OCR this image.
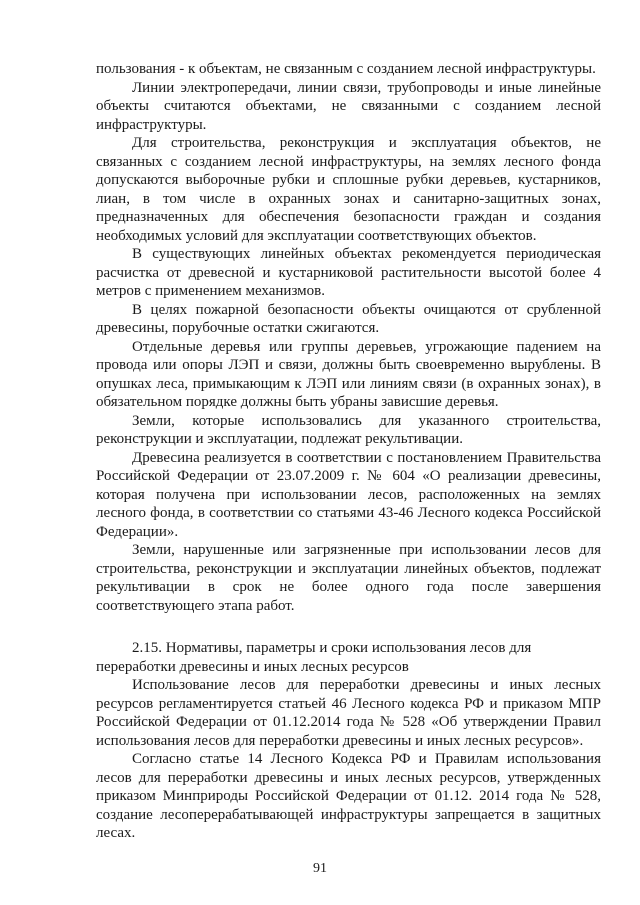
пользования - к объектам, не связанным с созданием лесной инфраструктуры.

Линии электропередачи, линии связи, трубопроводы и иные линейные объекты считаются объектами, не связанными с созданием лесной инфраструктуры.

Для строительства, реконструкция и эксплуатация объектов, не связанных с созданием лесной инфраструктуры, на землях лесного фонда допускаются выборочные рубки и сплошные рубки деревьев, кустарников, лиан, в том числе в охранных зонах и санитарно-защитных зонах, предназначенных для обеспечения безопасности граждан и создания необходимых условий для эксплуатации соответствующих объектов.

В существующих линейных объектах рекомендуется периодическая расчистка от древесной и кустарниковой растительности высотой более 4 метров с применением механизмов.

В целях пожарной безопасности объекты очищаются от срубленной древесины, порубочные остатки сжигаются.

Отдельные деревья или группы деревьев, угрожающие падением на провода или опоры ЛЭП и связи, должны быть своевременно вырублены. В опушках леса, примыкающим к ЛЭП или линиям связи (в охранных зонах), в обязательном порядке должны быть убраны зависшие деревья.

Земли, которые использовались для указанного строительства, реконструкции и эксплуатации, подлежат рекультивации.

Древесина реализуется в соответствии с постановлением Правительства Российской Федерации от 23.07.2009 г. № 604 «О реализации древесины, которая получена при использовании лесов, расположенных на землях лесного фонда, в соответствии со статьями 43-46 Лесного кодекса Российской Федерации».

Земли, нарушенные или загрязненные при использовании лесов для строительства, реконструкции и эксплуатации линейных объектов, подлежат рекультивации в срок не более одного года после завершения соответствующего этапа работ.

2.15. Нормативы, параметры и сроки использования лесов для переработки древесины и иных лесных ресурсов

Использование лесов для переработки древесины и иных лесных ресурсов регламентируется статьей 46 Лесного кодекса РФ и приказом МПР Российской Федерации от 01.12.2014 года № 528 «Об утверждении Правил использования лесов для переработки древесины и иных лесных ресурсов».

Согласно статье 14 Лесного Кодекса РФ и Правилам использования лесов для переработки древесины и иных лесных ресурсов, утвержденных приказом Минприроды Российской Федерации от 01.12. 2014 года № 528, создание лесоперерабатывающей инфраструктуры запрещается в защитных лесах.

91
